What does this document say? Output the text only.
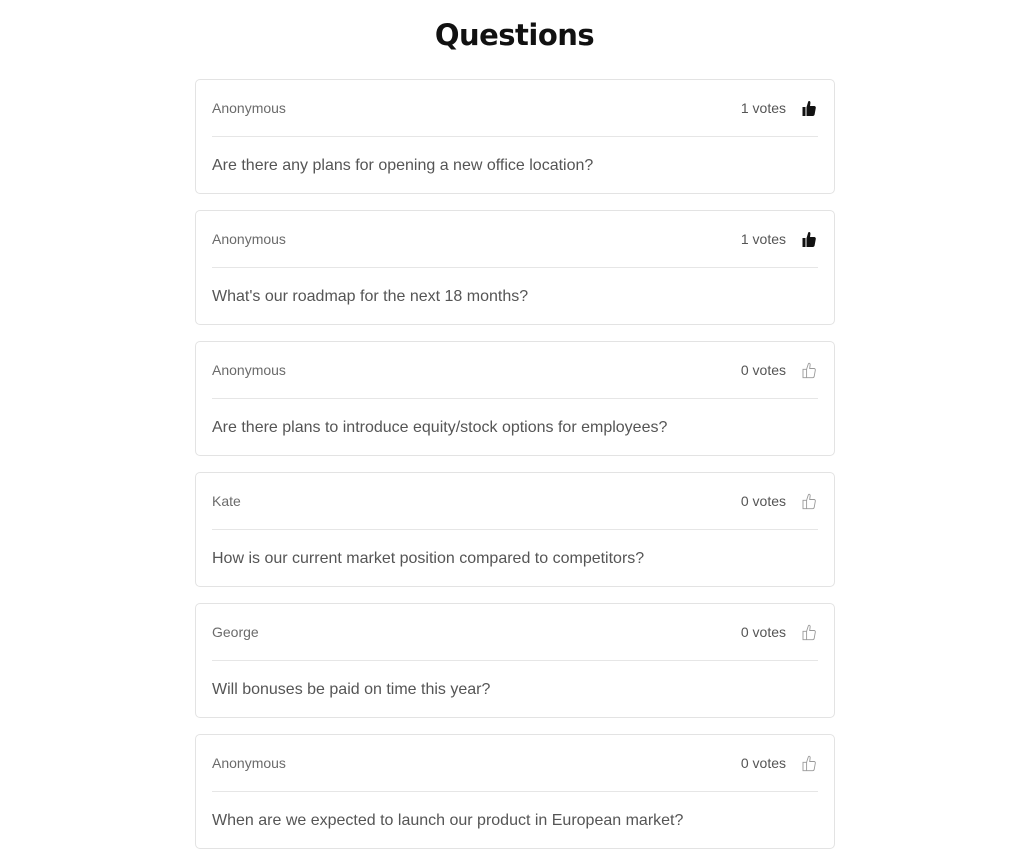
Questions
Anonymous	1 votes
Are there any plans for opening a new office location?
Anonymous	1 votes
What's our roadmap for the next 18 months?
Anonymous	0 votes
Are there plans to introduce equity/stock options for employees?
Kate	0 votes
How is our current market position compared to competitors?
George	0 votes
Will bonuses be paid on time this year?
Anonymous	0 votes
When are we expected to launch our product in European market?
